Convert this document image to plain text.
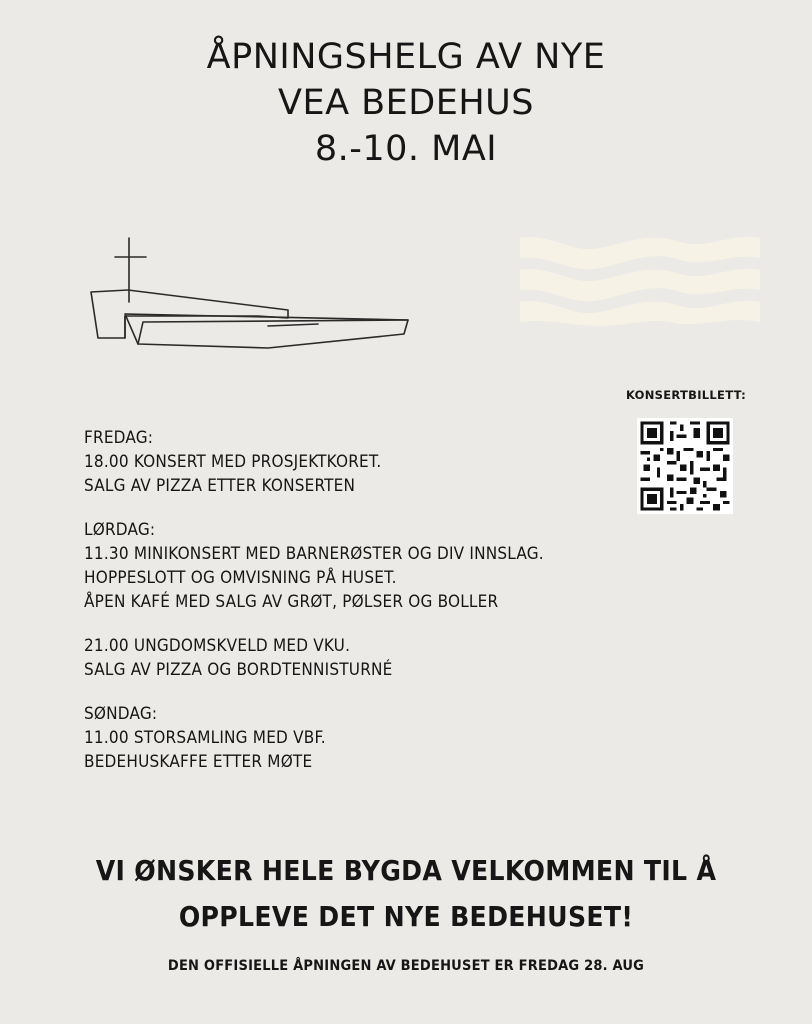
ÅPNINGSHELG AV NYE
VEA BEDEHUS
8.-10. MAI
KONSERTBILLETT:
FREDAG:
18.00 KONSERT MED PROSJEKTKORET.
SALG AV PIZZA ETTER KONSERTEN
LØRDAG:
11.30 MINIKONSERT MED BARNERØSTER OG DIV INNSLAG.
HOPPESLOTT OG OMVISNING PÅ HUSET.
ÅPEN KAFÉ MED SALG AV GRØT, PØLSER OG BOLLER
21.00 UNGDOMSKVELD MED VKU.
SALG AV PIZZA OG BORDTENNISTURNÉ
SØNDAG:
11.00 STORSAMLING MED VBF.
BEDEHUSKAFFE ETTER MØTE
VI ØNSKER HELE BYGDA VELKOMMEN TIL Å
OPPLEVE DET NYE BEDEHUSET!
DEN OFFISIELLE ÅPNINGEN AV BEDEHUSET ER FREDAG 28. AUG
